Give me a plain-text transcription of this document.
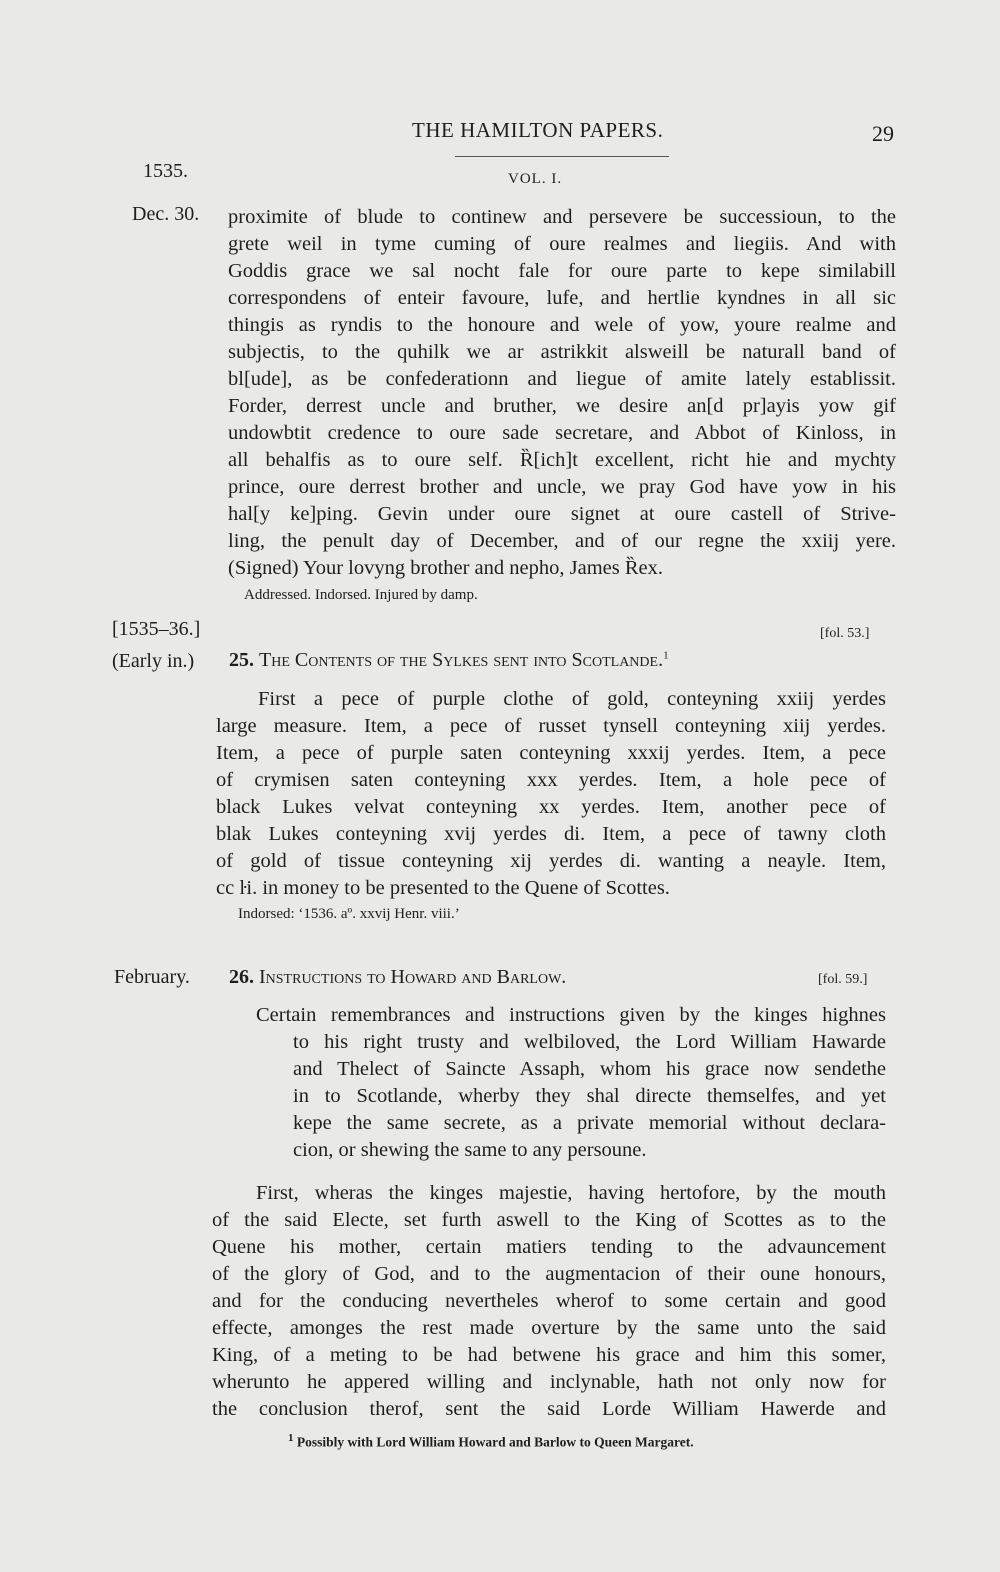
THE HAMILTON PAPERS.	29
1535.	VOL. I.
Dec. 30. proximite of blude to continew and persevere be successioun, to the
grete weil in tyme cuming of oure realmes and liegiis. And with
Goddis grace we sal nocht fale for oure parte to kepe similabill
correspondens of enteir favoure, lufe, and hertlie kyndnes in all sic
thingis as ryndis to the honoure and wele of yow, youre realme and
subjectis, to the quhilk we ar astrikkit alsweill be naturall band of
bl[ude], as be confederationn and liegue of amite lately establissit.
Forder, derrest uncle and bruther, we desire an[d pr]ayis yow gif
undowbtit credence to oure sade secretare, and Abbot of Kinloss, in
all behalfis as to oure self. Ȑ[ich]t excellent, richt hie and mychty
prince, oure derrest brother and uncle, we pray God have yow in his
hal[y ke]ping. Gevin under oure signet at oure castell of Strive-
ling, the penult day of December, and of our regne the xxiij yere.
(Signed) Your lovyng brother and nepho, James Ȑex.
Addressed. Indorsed. Injured by damp.
[1535–36.]	[fol. 53.]
(Early in.) 25. The Contents of the Sylkes sent into Scotlande.$^1$
First a pece of purple clothe of gold, conteyning xxiij yerdes
large measure. Item, a pece of russet tynsell conteyning xiij yerdes.
Item, a pece of purple saten conteyning xxxij yerdes. Item, a pece
of crymisen saten conteyning xxx yerdes. Item, a hole pece of
black Lukes velvat conteyning xx yerdes. Item, another pece of
blak Lukes conteyning xvij yerdes di. Item, a pece of tawny cloth
of gold of tissue conteyning xij yerdes di. wanting a neayle. Item,
cc ŀi. in money to be presented to the Quene of Scottes.
Indorsed: ‘1536. aº. xxvij Henr. viii.’
February. 26. Instructions to Howard and Barlow.	[fol. 59.]
Certain remembrances and instructions given by the kinges highnes
to his right trusty and welbiloved, the Lord William Hawarde
and Thelect of Saincte Assaph, whom his grace now sendethe
in to Scotlande, wherby they shal directe themselfes, and yet
kepe the same secrete, as a private memorial without declara-
cion, or shewing the same to any persoune.
First, wheras the kinges majestie, having hertofore, by the mouth
of the said Electe, set furth aswell to the King of Scottes as to the
Quene his mother, certain matiers tending to the advauncement
of the glory of God, and to the augmentacion of their oune honours,
and for the conducing nevertheles wherof to some certain and good
effecte, amonges the rest made overture by the same unto the said
King, of a meting to be had betwene his grace and him this somer,
wherunto he appered willing and inclynable, hath not only now for
the conclusion therof, sent the said Lorde William Hawerde and
$^1$ Possibly with Lord William Howard and Barlow to Queen Margaret.
